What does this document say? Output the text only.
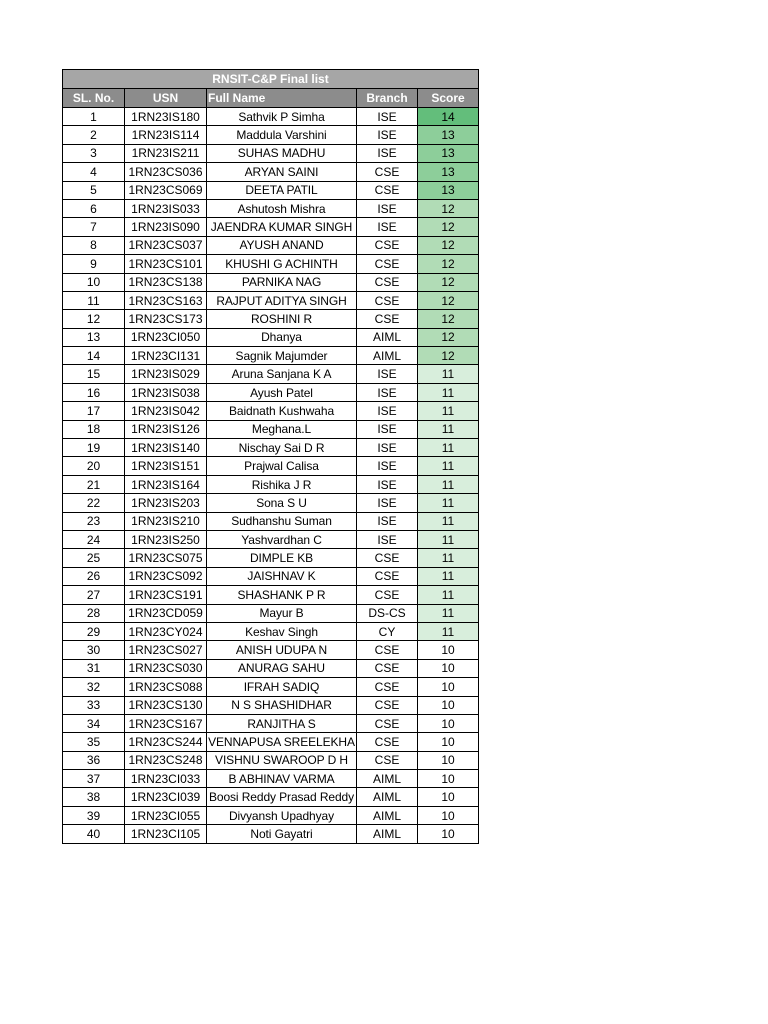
RNSIT-C&P Final list				
SL. No.	USN	Full Name	Branch	Score
1	1RN23IS180	Sathvik P Simha	ISE	14
2	1RN23IS114	Maddula Varshini	ISE	13
3	1RN23IS211	SUHAS MADHU	ISE	13
4	1RN23CS036	ARYAN SAINI	CSE	13
5	1RN23CS069	DEETA PATIL	CSE	13
6	1RN23IS033	Ashutosh Mishra	ISE	12
7	1RN23IS090	JAENDRA KUMAR SINGH	ISE	12
8	1RN23CS037	AYUSH ANAND	CSE	12
9	1RN23CS101	KHUSHI G ACHINTH	CSE	12
10	1RN23CS138	PARNIKA NAG	CSE	12
11	1RN23CS163	RAJPUT ADITYA SINGH	CSE	12
12	1RN23CS173	ROSHINI R	CSE	12
13	1RN23CI050	Dhanya	AIML	12
14	1RN23CI131	Sagnik Majumder	AIML	12
15	1RN23IS029	Aruna Sanjana K A	ISE	11
16	1RN23IS038	Ayush Patel	ISE	11
17	1RN23IS042	Baidnath Kushwaha	ISE	11
18	1RN23IS126	Meghana.L	ISE	11
19	1RN23IS140	Nischay Sai D R	ISE	11
20	1RN23IS151	Prajwal Calisa	ISE	11
21	1RN23IS164	Rishika J R	ISE	11
22	1RN23IS203	Sona S U	ISE	11
23	1RN23IS210	Sudhanshu Suman	ISE	11
24	1RN23IS250	Yashvardhan C	ISE	11
25	1RN23CS075	DIMPLE KB	CSE	11
26	1RN23CS092	JAISHNAV K	CSE	11
27	1RN23CS191	SHASHANK P R	CSE	11
28	1RN23CD059	Mayur B	DS-CS	11
29	1RN23CY024	Keshav Singh	CY	11
30	1RN23CS027	ANISH UDUPA N	CSE	10
31	1RN23CS030	ANURAG SAHU	CSE	10
32	1RN23CS088	IFRAH SADIQ	CSE	10
33	1RN23CS130	N S SHASHIDHAR	CSE	10
34	1RN23CS167	RANJITHA S	CSE	10
35	1RN23CS244	VENNAPUSA SREELEKHA	CSE	10
36	1RN23CS248	VISHNU SWAROOP D H	CSE	10
37	1RN23CI033	B ABHINAV VARMA	AIML	10
38	1RN23CI039	Boosi Reddy Prasad Reddy	AIML	10
39	1RN23CI055	Divyansh Upadhyay	AIML	10
40	1RN23CI105	Noti Gayatri	AIML	10
